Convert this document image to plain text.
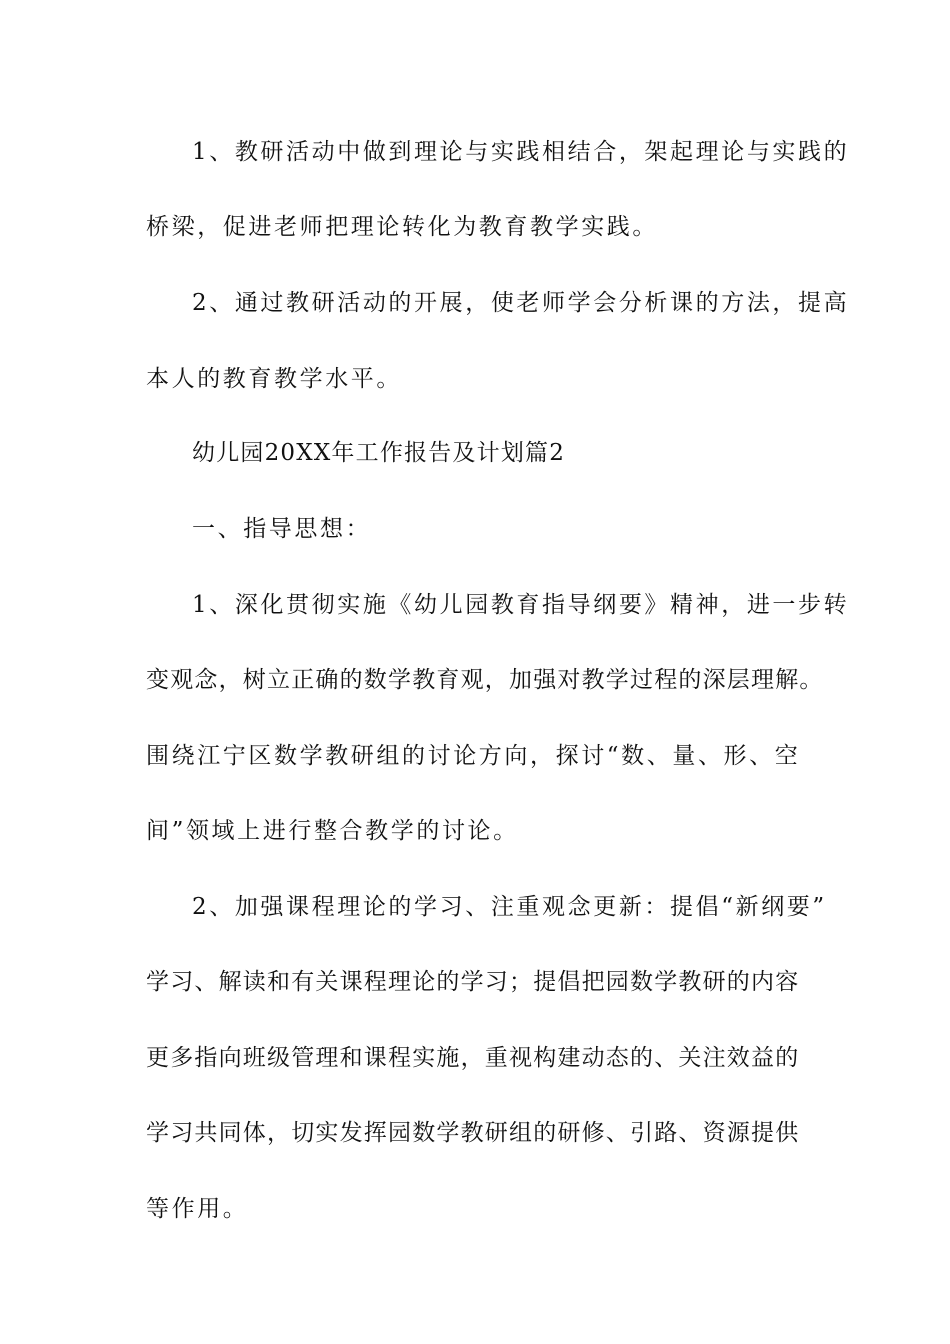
1、教研活动中做到理论与实践相结合，架起理论与实践的
桥梁，促进老师把理论转化为教育教学实践。
2、通过教研活动的开展，使老师学会分析课的方法，提高
本人的教育教学水平。
幼儿园20XX年工作报告及计划篇2
一、指导思想：
1、深化贯彻实施《幼儿园教育指导纲要》精神，进一步转
变观念，树立正确的数学教育观，加强对教学过程的深层理解。
围绕江宁区数学教研组的讨论方向，探讨“数、量、形、空
间”领域上进行整合教学的讨论。
2、加强课程理论的学习、注重观念更新：提倡“新纲要”
学习、解读和有关课程理论的学习；提倡把园数学教研的内容
更多指向班级管理和课程实施，重视构建动态的、关注效益的
学习共同体，切实发挥园数学教研组的研修、引路、资源提供
等作用。
